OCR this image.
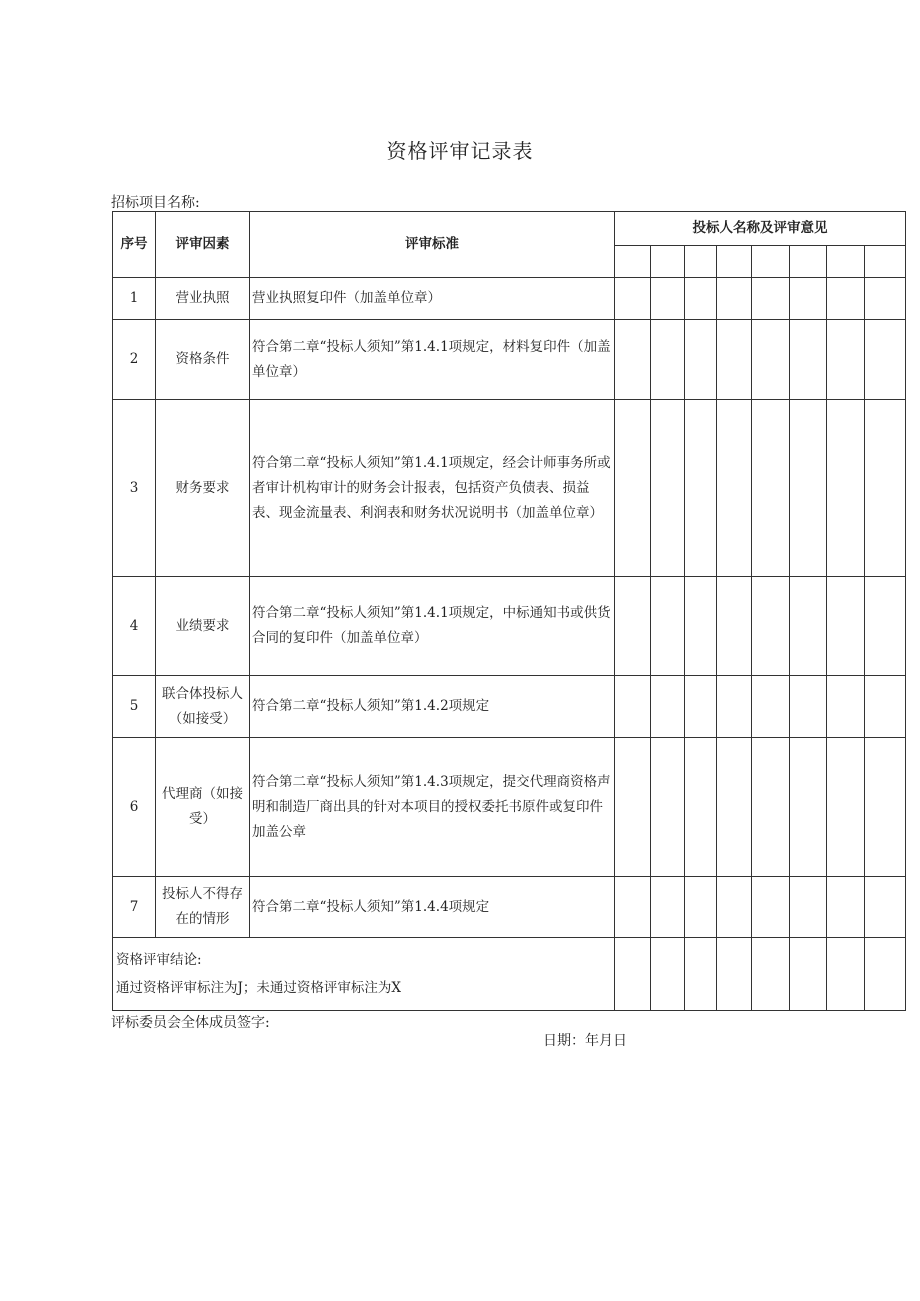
资格评审记录表
招标项目名称:
序号	评审因素	评审标准	投标人名称及评审意见							

1	营业执照	营业执照复印件（加盖单位章）								
2	资格条件	符合第二章“投标人须知”第1.4.1项规定，材料复印件（加盖单位章）								
3	财务要求	符合第二章“投标人须知”第1.4.1项规定，经会计师事务所或者审计机构审计的财务会计报表，包括资产负债表、损益表、现金流量表、利润表和财务状况说明书（加盖单位章）								
4	业绩要求	符合第二章“投标人须知”第1.4.1项规定，中标通知书或供货合同的复印件（加盖单位章）								
5	联合体投标人（如接受）	符合第二章“投标人须知”第1.4.2项规定								
6	代理商（如接受）	符合第二章“投标人须知”第1.4.3项规定，提交代理商资格声明和制造厂商出具的针对本项目的授权委托书原件或复印件加盖公章								
7	投标人不得存在的情形	符合第二章“投标人须知”第1.4.4项规定								

资格评审结论:
通过资格评审标注为J；未通过资格评审标注为X										

评标委员会全体成员签字:
日期：年月日
